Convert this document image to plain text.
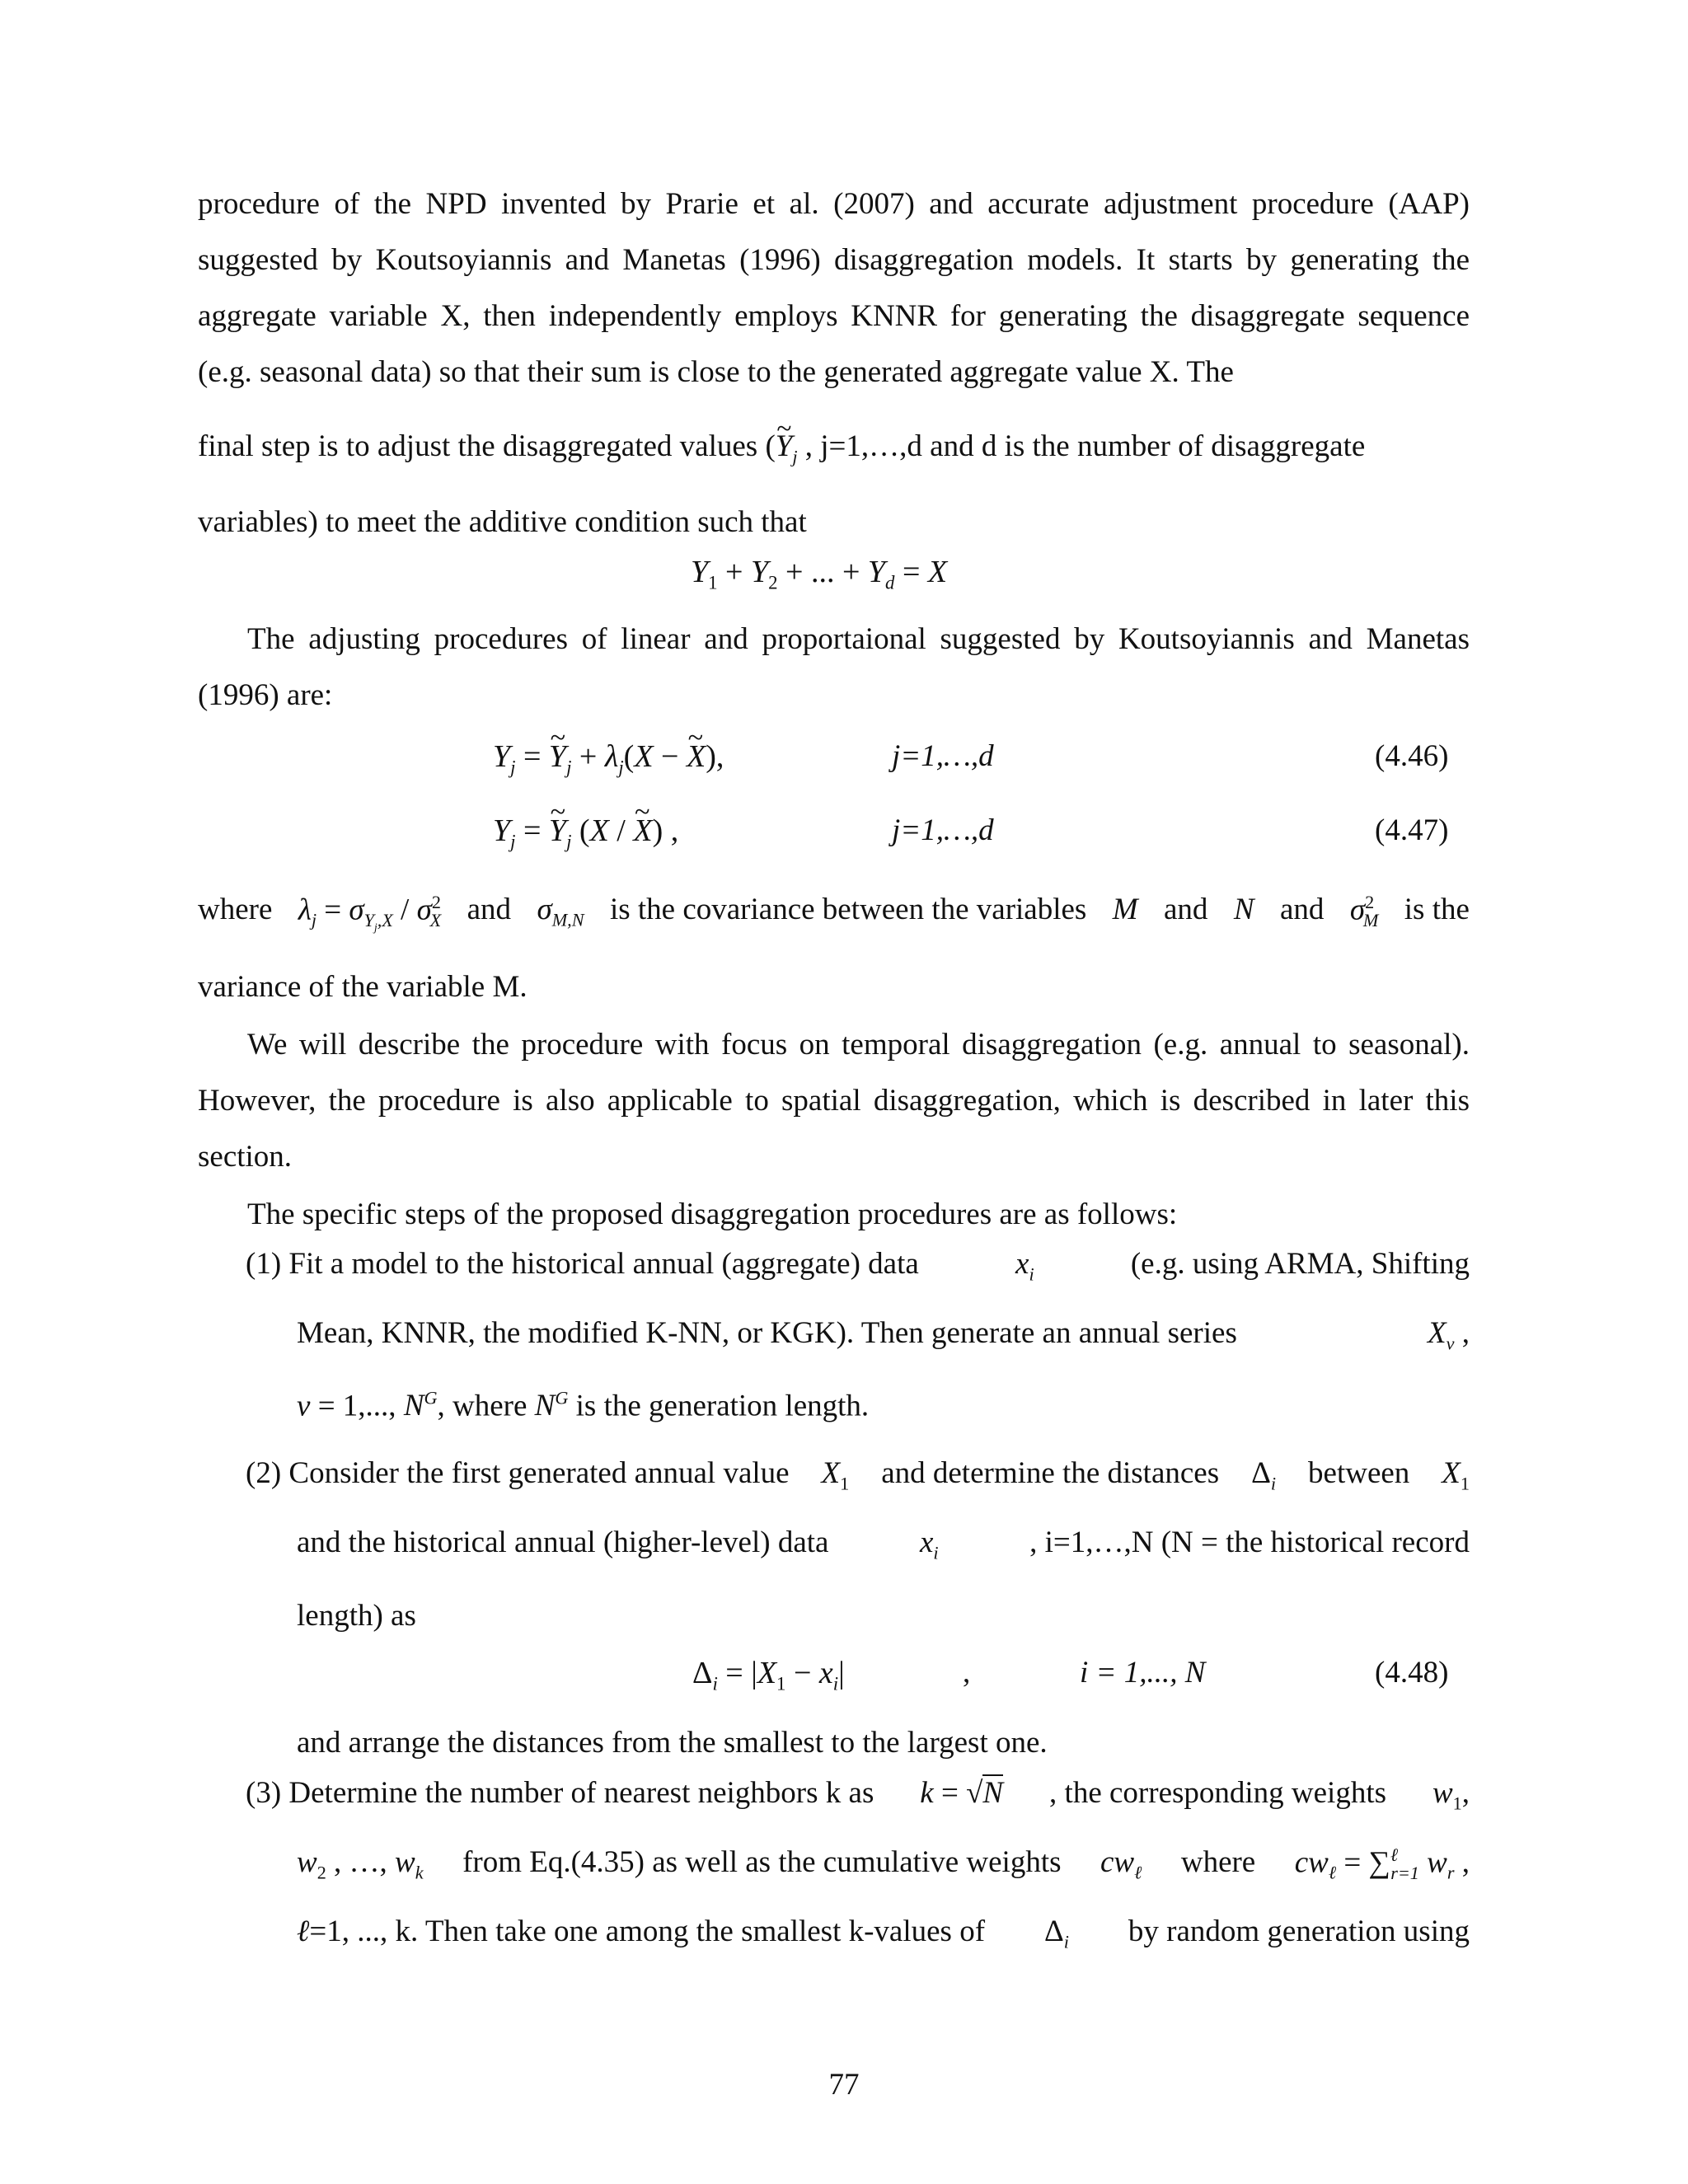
procedure of the NPD invented by Prarie et al. (2007) and accurate adjustment procedure (AAP) suggested by Koutsoyiannis and Manetas (1996) disaggregation models. It starts by generating the aggregate variable X, then independently employs KNNR for generating the disaggregate sequence (e.g. seasonal data) so that their sum is close to the generated aggregate value X. The

final step is to adjust the disaggregated values (~ $Y_j$ , j=1,…,d and d is the number of disaggregate

variables) to meet the additive condition such that

$Y_1 + Y_2$ + ... + $Y_d = X$

The adjusting procedures of linear and proportaional suggested by Koutsoyiannis and Manetas (1996) are:

$Y_j$ = ~ $Y_j + \lambda_j(X$ − ~ X),	j=1,…,d	(4.46)
$Y_j$ = ~ $Y_j$ (X / ~ X) ,	j=1,…,d	(4.47)
where $\lambda_j = \sigma_{Y_j,X} / \sigma^2_X$ and $\sigma_{M,N}$ is the covariance between the variables M and N and $\sigma^2_M$ is the

variance of the variable M.

We will describe the procedure with focus on temporal disaggregation (e.g. annual to seasonal). However, the procedure is also applicable to spatial disaggregation, which is described in later this section.

The specific steps of the proposed disaggregation procedures are as follows:

(1) Fit a model to the historical annual (aggregate) data	$x_i$	(e.g. using ARMA, Shifting
Mean, KNNR, the modified K-NN, or KGK). Then generate an annual series	$X_\nu$ ,
ν = 1,..., $N^G$, where $N^G$ is the generation length.
(2) Consider the first generated annual value $X_1$ and determine the distances $\Delta_i$ between $X_1$
and the historical annual (higher-level) data	$x_i$	, i=1,…,N (N = the historical record

length) as

$\Delta_i = |X_1 - x_i|$	,	i = 1,..., N	(4.48)

and arrange the distances from the smallest to the largest one.

(3) Determine the number of nearest neighbors k as k = √N , the corresponding weights $w_1$,
$w_2$ , …, $w_k$ from Eq.(4.35) as well as the cumulative weights $cw_\ell$ where $cw_\ell = \sum^\ell_{r=1}$ $w_r$ ,
ℓ=1, ..., k. Then take one among the smallest k-values of $\Delta_i$ by random generation using
77
